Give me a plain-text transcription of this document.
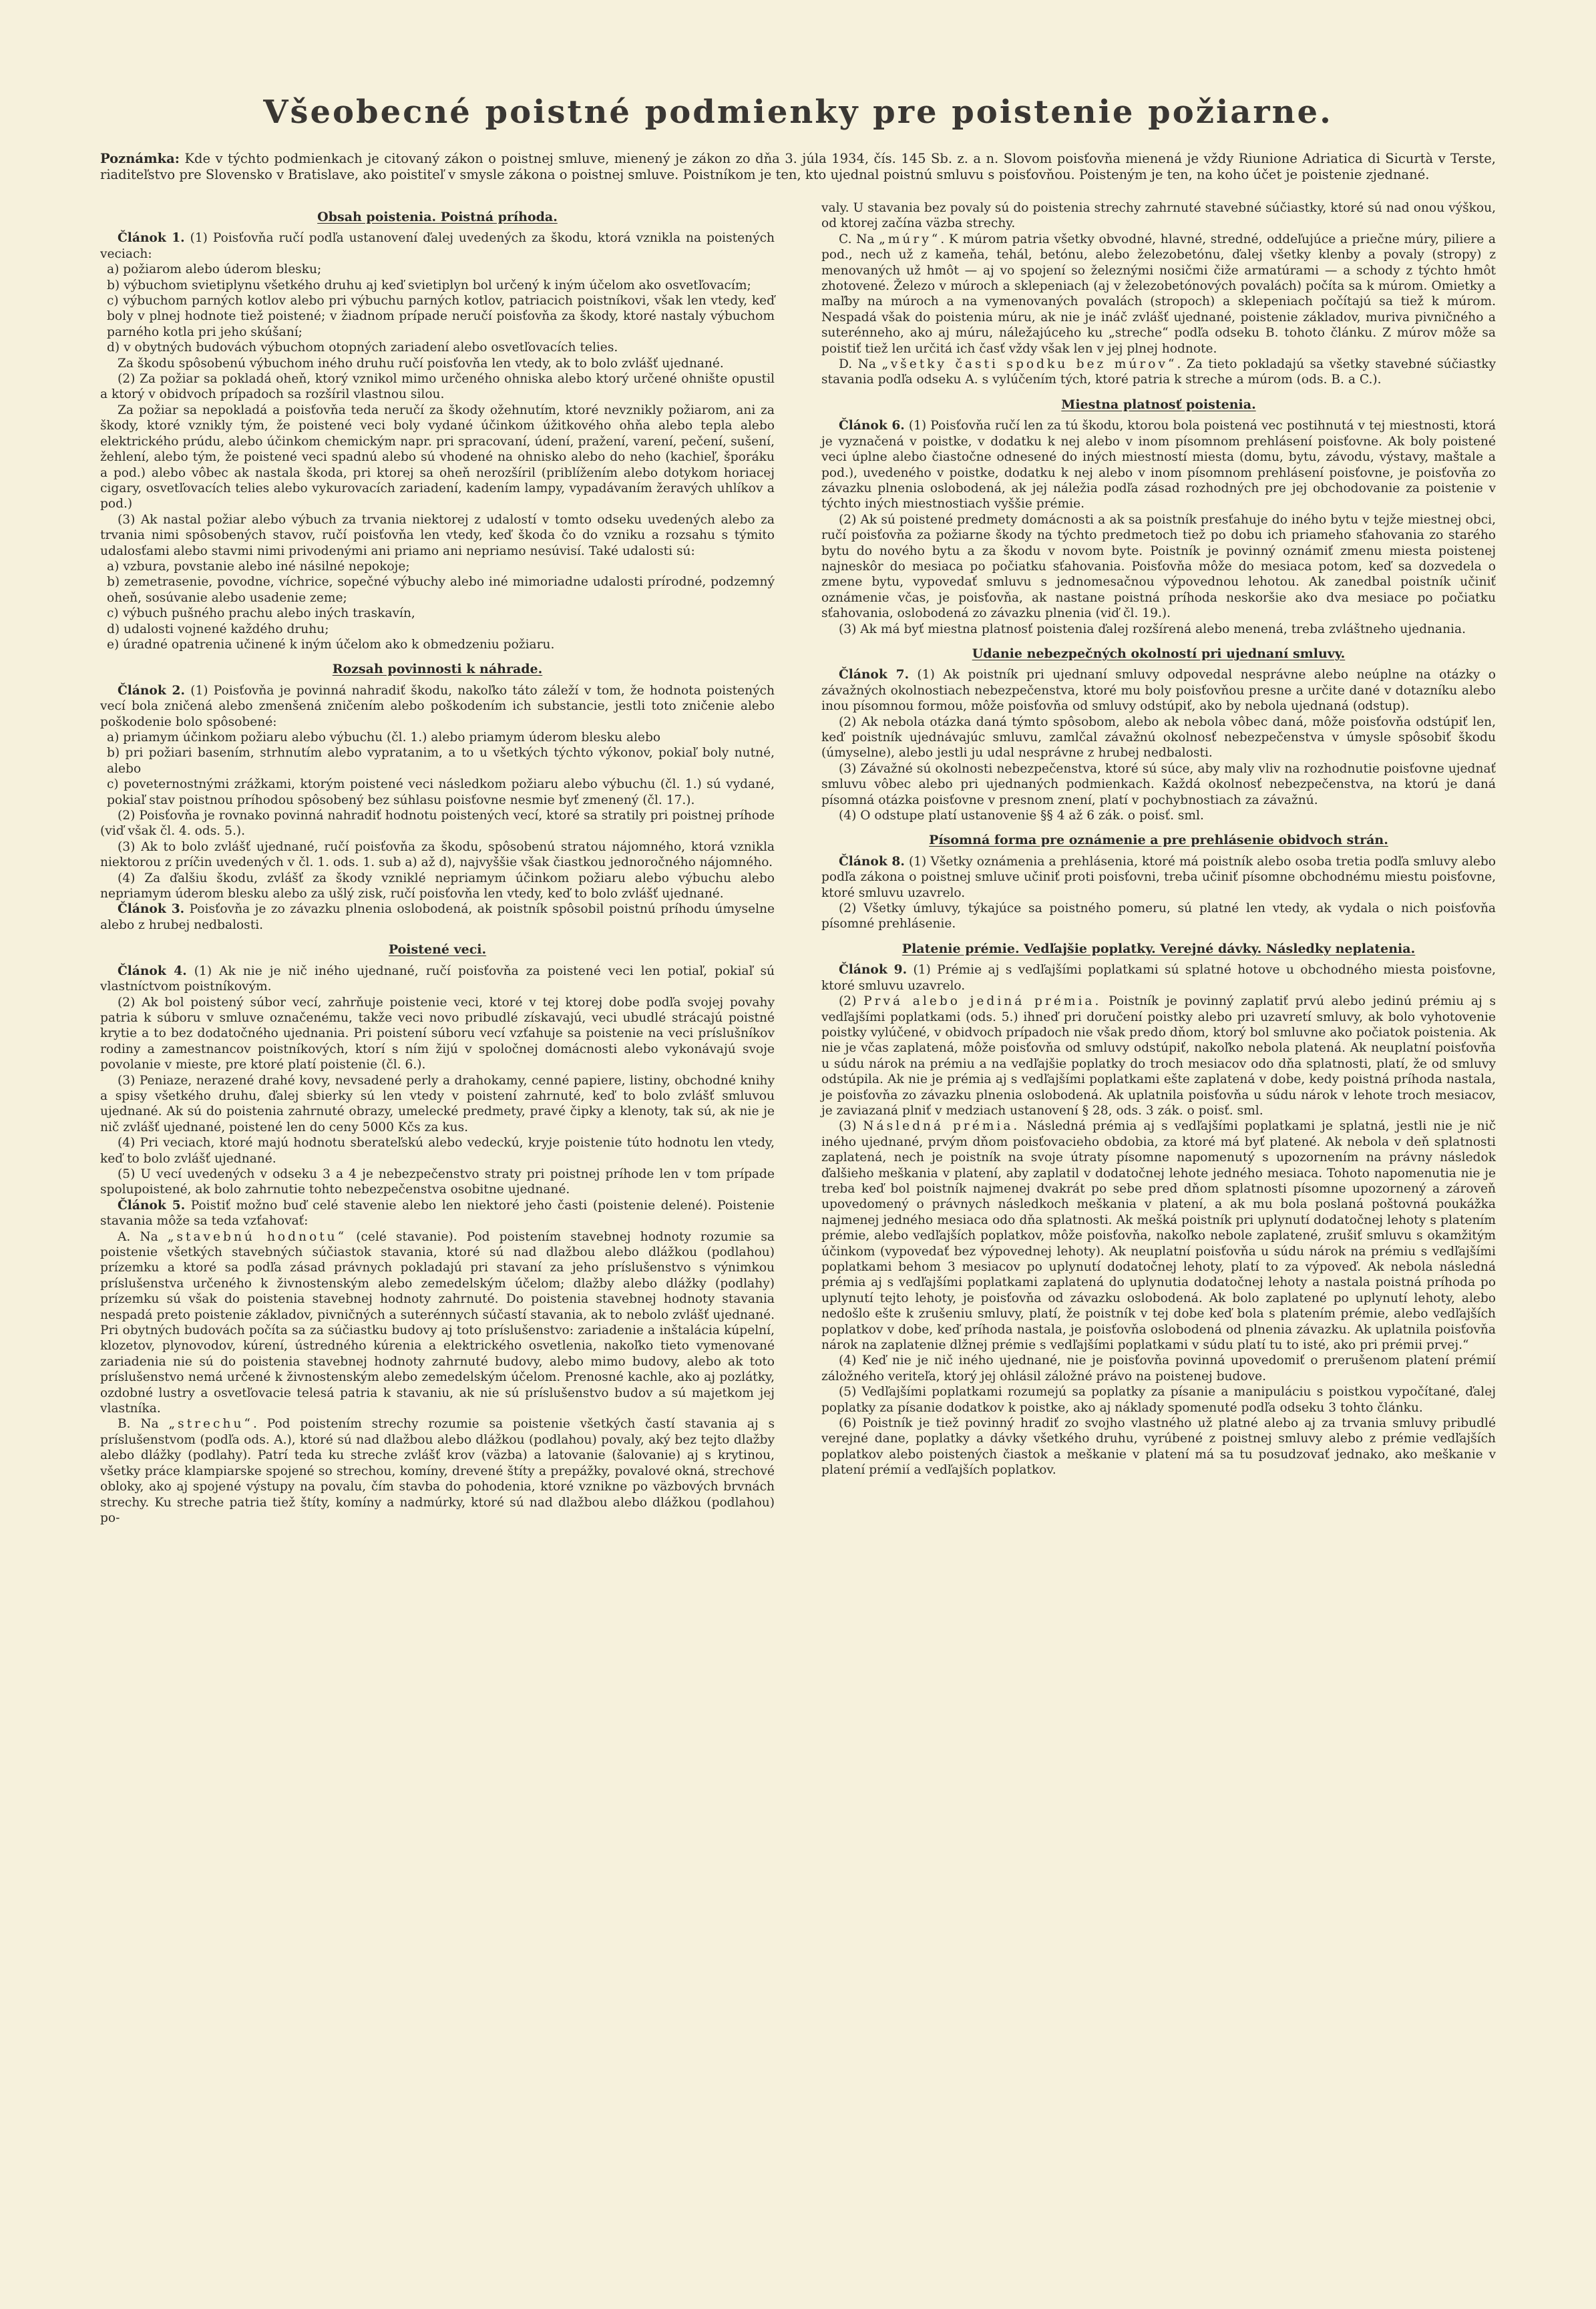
Všeobecné poistné podmienky pre poistenie požiarne.
Poznámka: Kde v týchto podmienkach je citovaný zákon o poistnej smluve, mienený je zákon zo dňa 3. júla 1934, čís. 145 Sb. z. a n. Slovom poisťovňa mienená je vždy Riunione Adriatica di Sicurtà v Terste, riaditeľstvo pre Slovensko v Bratislave, ako poistiteľ v smysle zákona o poistnej smluve. Poistníkom je ten, kto ujednal poistnú smluvu s poisťovňou. Poisteným je ten, na koho účet je poistenie zjednané.
Obsah poistenia. Poistná príhoda.

Článok 1. (1) Poisťovňa ručí podľa ustanovení ďalej uvedených za škodu, ktorá vznikla na poistených veciach:

a) požiarom alebo úderom blesku;

b) výbuchom svietiplynu všetkého druhu aj keď svietiplyn bol určený k iným účelom ako osvetľovacím;

c) výbuchom parných kotlov alebo pri výbuchu parných kotlov, patriacich poistníkovi, však len vtedy, keď boly v plnej hodnote tiež poistené; v žiadnom prípade neručí poisťovňa za škody, ktoré nastaly výbuchom parného kotla pri jeho skúšaní;

d) v obytných budovách výbuchom otopných zariadení alebo osvetľovacích telies.

Za škodu spôsobenú výbuchom iného druhu ručí poisťovňa len vtedy, ak to bolo zvlášť ujednané.

(2) Za požiar sa pokladá oheň, ktorý vznikol mimo určeného ohniska alebo ktorý určené ohnište opustil a ktorý v obidvoch prípadoch sa rozšíril vlastnou silou.

Za požiar sa nepokladá a poisťovňa teda neručí za škody ožehnutím, ktoré nevznikly požiarom, ani za škody, ktoré vznikly tým, že poistené veci boly vydané účinkom úžitkového ohňa alebo tepla alebo elektrického prúdu, alebo účinkom chemickým napr. pri spracovaní, údení, pražení, varení, pečení, sušení, žehlení, alebo tým, že poistené veci spadnú alebo sú vhodené na ohnisko alebo do neho (kachieľ, šporáku a pod.) alebo vôbec ak nastala škoda, pri ktorej sa oheň nerozšíril (priblížením alebo dotykom horiacej cigary, osvetľovacích telies alebo vykurovacích zariadení, kadením lampy, vypadávaním žeravých uhlíkov a pod.)

(3) Ak nastal požiar alebo výbuch za trvania niektorej z udalostí v tomto odseku uvedených alebo za trvania nimi spôsobených stavov, ručí poisťovňa len vtedy, keď škoda čo do vzniku a rozsahu s týmito udalosťami alebo stavmi nimi privodenými ani priamo ani nepriamo nesúvisí. Také udalosti sú:

a) vzbura, povstanie alebo iné násilné nepokoje;

b) zemetrasenie, povodne, víchrice, sopečné výbuchy alebo iné mimoriadne udalosti prírodné, podzemný oheň, sosúvanie alebo usadenie zeme;

c) výbuch pušného prachu alebo iných traskavín,

d) udalosti vojnené každého druhu;

e) úradné opatrenia učinené k iným účelom ako k obmedzeniu požiaru.

Rozsah povinnosti k náhrade.

Článok 2. (1) Poisťovňa je povinná nahradiť škodu, nakoľko táto záleží v tom, že hodnota poistených vecí bola zničená alebo zmenšená zničením alebo poškodením ich substancie, jestli toto zničenie alebo poškodenie bolo spôsobené:

a) priamym účinkom požiaru alebo výbuchu (čl. 1.) alebo priamym úderom blesku alebo

b) pri požiari basením, strhnutím alebo vypratanim, a to u všetkých týchto výkonov, pokiaľ boly nutné, alebo

c) poveternostnými zrážkami, ktorým poistené veci následkom požiaru alebo výbuchu (čl. 1.) sú vydané, pokiaľ stav poistnou príhodou spôsobený bez súhlasu poisťovne nesmie byť zmenený (čl. 17.).

(2) Poisťovňa je rovnako povinná nahradiť hodnotu poistených vecí, ktoré sa stratily pri poistnej príhode (viď však čl. 4. ods. 5.).

(3) Ak to bolo zvlášť ujednané, ručí poisťovňa za škodu, spôsobenú stratou nájomného, ktorá vznikla niektorou z príčin uvedených v čl. 1. ods. 1. sub a) až d), najvyššie však čiastkou jednoročného nájomného.

(4) Za ďalšiu škodu, zvlášť za škody vzniklé nepriamym účinkom požiaru alebo výbuchu alebo nepriamym úderom blesku alebo za ušlý zisk, ručí poisťovňa len vtedy, keď to bolo zvlášť ujednané.

Článok 3. Poisťovňa je zo závazku plnenia oslobodená, ak poistník spôsobil poistnú príhodu úmyselne alebo z hrubej nedbalosti.

Poistené veci.

Článok 4. (1) Ak nie je nič iného ujednané, ručí poisťovňa za poistené veci len potiaľ, pokiaľ sú vlastníctvom poistníkovým.

(2) Ak bol poistený súbor vecí, zahrňuje poistenie veci, ktoré v tej ktorej dobe podľa svojej povahy patria k súboru v smluve označenému, takže veci novo pribudlé získavajú, veci ubudlé strácajú poistné krytie a to bez dodatočného ujednania. Pri poistení súboru vecí vzťahuje sa poistenie na veci príslušníkov rodiny a zamestnancov poistníkových, ktorí s ním žijú v spoločnej domácnosti alebo vykonávajú svoje povolanie v mieste, pre ktoré platí poistenie (čl. 6.).

(3) Peniaze, nerazené drahé kovy, nevsadené perly a drahokamy, cenné papiere, listiny, obchodné knihy a spisy všetkého druhu, ďalej sbierky sú len vtedy v poistení zahrnuté, keď to bolo zvlášť smluvou ujednané. Ak sú do poistenia zahrnuté obrazy, umelecké predmety, pravé čipky a klenoty, tak sú, ak nie je nič zvlášť ujednané, poistené len do ceny 5000 Kčs za kus.

(4) Pri veciach, ktoré majú hodnotu sberateľskú alebo vedeckú, kryje poistenie túto hodnotu len vtedy, keď to bolo zvlášť ujednané.

(5) U vecí uvedených v odseku 3 a 4 je nebezpečenstvo straty pri poistnej príhode len v tom prípade spolupoistené, ak bolo zahrnutie tohto nebezpečenstva osobitne ujednané.

Článok 5. Poistiť možno buď celé stavenie alebo len niektoré jeho časti (poistenie delené). Poistenie stavania môže sa teda vzťahovať:

A. Na „stavebnú hodnotu“ (celé stavanie). Pod poistením stavebnej hodnoty rozumie sa poistenie všetkých stavebných súčiastok stavania, ktoré sú nad dlažbou alebo dlážkou (podlahou) prízemku a ktoré sa podľa zásad právnych pokladajú pri stavaní za jeho príslušenstvo s výnimkou príslušenstva určeného k živnostenským alebo zemedelským účelom; dlažby alebo dlážky (podlahy) prízemku sú však do poistenia stavebnej hodnoty zahrnuté. Do poistenia stavebnej hodnoty stavania nespadá preto poistenie základov, pivničných a suterénnych súčastí stavania, ak to nebolo zvlášť ujednané. Pri obytných budovách počíta sa za súčiastku budovy aj toto príslušenstvo: zariadenie a inštalácia kúpelní, klozetov, plynovodov, kúrení, ústredného kúrenia a elektrického osvetlenia, nakoľko tieto vymenované zariadenia nie sú do poistenia stavebnej hodnoty zahrnuté budovy, alebo mimo budovy, alebo ak toto príslušenstvo nemá určené k živnostenským alebo zemedelským účelom. Prenosné kachle, ako aj pozlátky, ozdobné lustry a osvetľovacie telesá patria k stavaniu, ak nie sú príslušenstvo budov a sú majetkom jej vlastníka.

B. Na „strechu“. Pod poistením strechy rozumie sa poistenie všetkých častí stavania aj s príslušenstvom (podľa ods. A.), ktoré sú nad dlažbou alebo dlážkou (podlahou) povaly, aký bez tejto dlažby alebo dlážky (podlahy). Patrí teda ku streche zvlášť krov (väzba) a latovanie (šalovanie) aj s krytinou, všetky práce klampiarske spojené so strechou, komíny, drevené štíty a prepážky, povalové okná, strechové obloky, ako aj spojené výstupy na povalu, čím stavba do pohodenia, ktoré vznikne po väzbových brvnách strechy. Ku streche patria tiež štíty, komíny a nadmúrky, ktoré sú nad dlažbou alebo dlážkou (podlahou) po-

valy. U stavania bez povaly sú do poistenia strechy zahrnuté stavebné súčiastky, ktoré sú nad onou výškou, od ktorej začína väzba strechy.

C. Na „múry“. K múrom patria všetky obvodné, hlavné, stredné, oddeľujúce a priečne múry, piliere a pod., nech už z kameňa, tehál, betónu, alebo železobetónu, ďalej všetky klenby a povaly (stropy) z menovaných už hmôt — aj vo spojení so železnými nosičmi čiže armatúrami — a schody z týchto hmôt zhotovené. Železo v múroch a sklepeniach (aj v železobetónových povalách) počíta sa k múrom. Omietky a maľby na múroch a na vymenovaných povalách (stropoch) a sklepeniach počítajú sa tiež k múrom. Nespadá však do poistenia múru, ak nie je ináč zvlášť ujednané, poistenie základov, muriva pivničného a suterénneho, ako aj múru, náležajúceho ku „streche“ podľa odseku B. tohoto článku. Z múrov môže sa poistiť tiež len určitá ich časť vždy však len v jej plnej hodnote.

D. Na „všetky časti spodku bez múrov“. Za tieto pokladajú sa všetky stavebné súčiastky stavania podľa odseku A. s vylúčením tých, ktoré patria k streche a múrom (ods. B. a C.).

Miestna platnosť poistenia.

Článok 6. (1) Poisťovňa ručí len za tú škodu, ktorou bola poistená vec postihnutá v tej miestnosti, ktorá je vyznačená v poistke, v dodatku k nej alebo v inom písomnom prehlásení poisťovne. Ak boly poistené veci úplne alebo čiastočne odnesené do iných miestností miesta (domu, bytu, závodu, výstavy, maštale a pod.), uvedeného v poistke, dodatku k nej alebo v inom písomnom prehlásení poisťovne, je poisťovňa zo závazku plnenia oslobodená, ak jej náležia podľa zásad rozhodných pre jej obchodovanie za poistenie v týchto iných miestnostiach vyššie prémie.

(2) Ak sú poistené predmety domácnosti a ak sa poistník presťahuje do iného bytu v tejže miestnej obci, ručí poisťovňa za požiarne škody na týchto predmetoch tiež po dobu ich priameho sťahovania zo starého bytu do nového bytu a za škodu v novom byte. Poistník je povinný oznámiť zmenu miesta poistenej najneskôr do mesiaca po počiatku sťahovania. Poisťovňa môže do mesiaca potom, keď sa dozvedela o zmene bytu, vypovedať smluvu s jednomesačnou výpovednou lehotou. Ak zanedbal poistník učiniť oznámenie včas, je poisťovňa, ak nastane poistná príhoda neskoršie ako dva mesiace po počiatku sťahovania, oslobodená zo závazku plnenia (viď čl. 19.).

(3) Ak má byť miestna platnosť poistenia ďalej rozšírená alebo menená, treba zvláštneho ujednania.

Udanie nebezpečných okolností pri ujednaní smluvy.

Článok 7. (1) Ak poistník pri ujednaní smluvy odpovedal nesprávne alebo neúplne na otázky o závažných okolnostiach nebezpečenstva, ktoré mu boly poisťovňou presne a určite dané v dotazníku alebo inou písomnou formou, môže poisťovňa od smluvy odstúpiť, ako by nebola ujednaná (odstup).

(2) Ak nebola otázka daná týmto spôsobom, alebo ak nebola vôbec daná, môže poisťovňa odstúpiť len, keď poistník ujednávajúc smluvu, zamlčal závažnú okolnosť nebezpečenstva v úmysle spôsobiť škodu (úmyselne), alebo jestli ju udal nesprávne z hrubej nedbalosti.

(3) Závažné sú okolnosti nebezpečenstva, ktoré sú súce, aby maly vliv na rozhodnutie poisťovne ujednať smluvu vôbec alebo pri ujednaných podmienkach. Každá okolnosť nebezpečenstva, na ktorú je daná písomná otázka poisťovne v presnom znení, platí v pochybnostiach za závažnú.

(4) O odstupe platí ustanovenie §§ 4 až 6 zák. o poisť. sml.

Písomná forma pre oznámenie a pre prehlásenie obidvoch strán.

Článok 8. (1) Všetky oznámenia a prehlásenia, ktoré má poistník alebo osoba tretia podľa smluvy alebo podľa zákona o poistnej smluve učiniť proti poisťovni, treba učiniť písomne obchodnému miestu poisťovne, ktoré smluvu uzavrelo.

(2) Všetky úmluvy, týkajúce sa poistného pomeru, sú platné len vtedy, ak vydala o nich poisťovňa písomné prehlásenie.

Platenie prémie. Vedľajšie poplatky. Verejné dávky. Následky neplatenia.

Článok 9. (1) Prémie aj s vedľajšími poplatkami sú splatné hotove u obchodného miesta poisťovne, ktoré smluvu uzavrelo.

(2) Prvá alebo jediná prémia. Poistník je povinný zaplatiť prvú alebo jedinú prémiu aj s vedľajšími poplatkami (ods. 5.) ihneď pri doručení poistky alebo pri uzavretí smluvy, ak bolo vyhotovenie poistky vylúčené, v obidvoch prípadoch nie však predo dňom, ktorý bol smluvne ako počiatok poistenia. Ak nie je včas zaplatená, môže poisťovňa od smluvy odstúpiť, nakoľko nebola platená. Ak neuplatní poisťovňa u súdu nárok na prémiu a na vedľajšie poplatky do troch mesiacov odo dňa splatnosti, platí, že od smluvy odstúpila. Ak nie je prémia aj s vedľajšími poplatkami ešte zaplatená v dobe, kedy poistná príhoda nastala, je poisťovňa zo závazku plnenia oslobodená. Ak uplatnila poisťovňa u súdu nárok v lehote troch mesiacov, je zaviazaná plniť v medziach ustanovení § 28, ods. 3 zák. o poisť. sml.

(3) Následná prémia. Následná prémia aj s vedľajšími poplatkami je splatná, jestli nie je nič iného ujednané, prvým dňom poisťovacieho obdobia, za ktoré má byť platené. Ak nebola v deň splatnosti zaplatená, nech je poistník na svoje útraty písomne napomenutý s upozornením na právny následok ďalšieho meškania v platení, aby zaplatil v dodatočnej lehote jedného mesiaca. Tohoto napomenutia nie je treba keď bol poistník najmenej dvakrát po sebe pred dňom splatnosti písomne upozornený a zároveň upovedomený o právnych následkoch meškania v platení, a ak mu bola poslaná poštovná poukážka najmenej jedného mesiaca odo dňa splatnosti. Ak mešká poistník pri uplynutí dodatočnej lehoty s platením prémie, alebo vedľajších poplatkov, môže poisťovňa, nakoľko nebole zaplatené, zrušiť smluvu s okamžitým účinkom (vypovedať bez výpovednej lehoty). Ak neuplatní poisťovňa u súdu nárok na prémiu s vedľajšími poplatkami behom 3 mesiacov po uplynutí dodatočnej lehoty, platí to za výpoveď. Ak nebola následná prémia aj s vedľajšími poplatkami zaplatená do uplynutia dodatočnej lehoty a nastala poistná príhoda po uplynutí tejto lehoty, je poisťovňa od závazku oslobodená. Ak bolo zaplatené po uplynutí lehoty, alebo nedošlo ešte k zrušeniu smluvy, platí, že poistník v tej dobe keď bola s platením prémie, alebo vedľajších poplatkov v dobe, keď príhoda nastala, je poisťovňa oslobodená od plnenia závazku. Ak uplatnila poisťovňa nárok na zaplatenie dlžnej prémie s vedľajšími poplatkami v súdu platí tu to isté, ako pri prémii prvej.“

(4) Keď nie je nič iného ujednané, nie je poisťovňa povinná upovedomiť o prerušenom platení prémií záložného veriteľa, ktorý jej ohlásil záložné právo na poistenej budove.

(5) Vedľajšími poplatkami rozumejú sa poplatky za písanie a manipuláciu s poistkou vypočítané, ďalej poplatky za písanie dodatkov k poistke, ako aj náklady spomenuté podľa odseku 3 tohto článku.

(6) Poistník je tiež povinný hradiť zo svojho vlastného už platné alebo aj za trvania smluvy pribudlé verejné dane, poplatky a dávky všetkého druhu, vyrúbené z poistnej smluvy alebo z prémie vedľajších poplatkov alebo poistených čiastok a meškanie v platení má sa tu posudzovať jednako, ako meškanie v platení prémií a vedľajších poplatkov.
